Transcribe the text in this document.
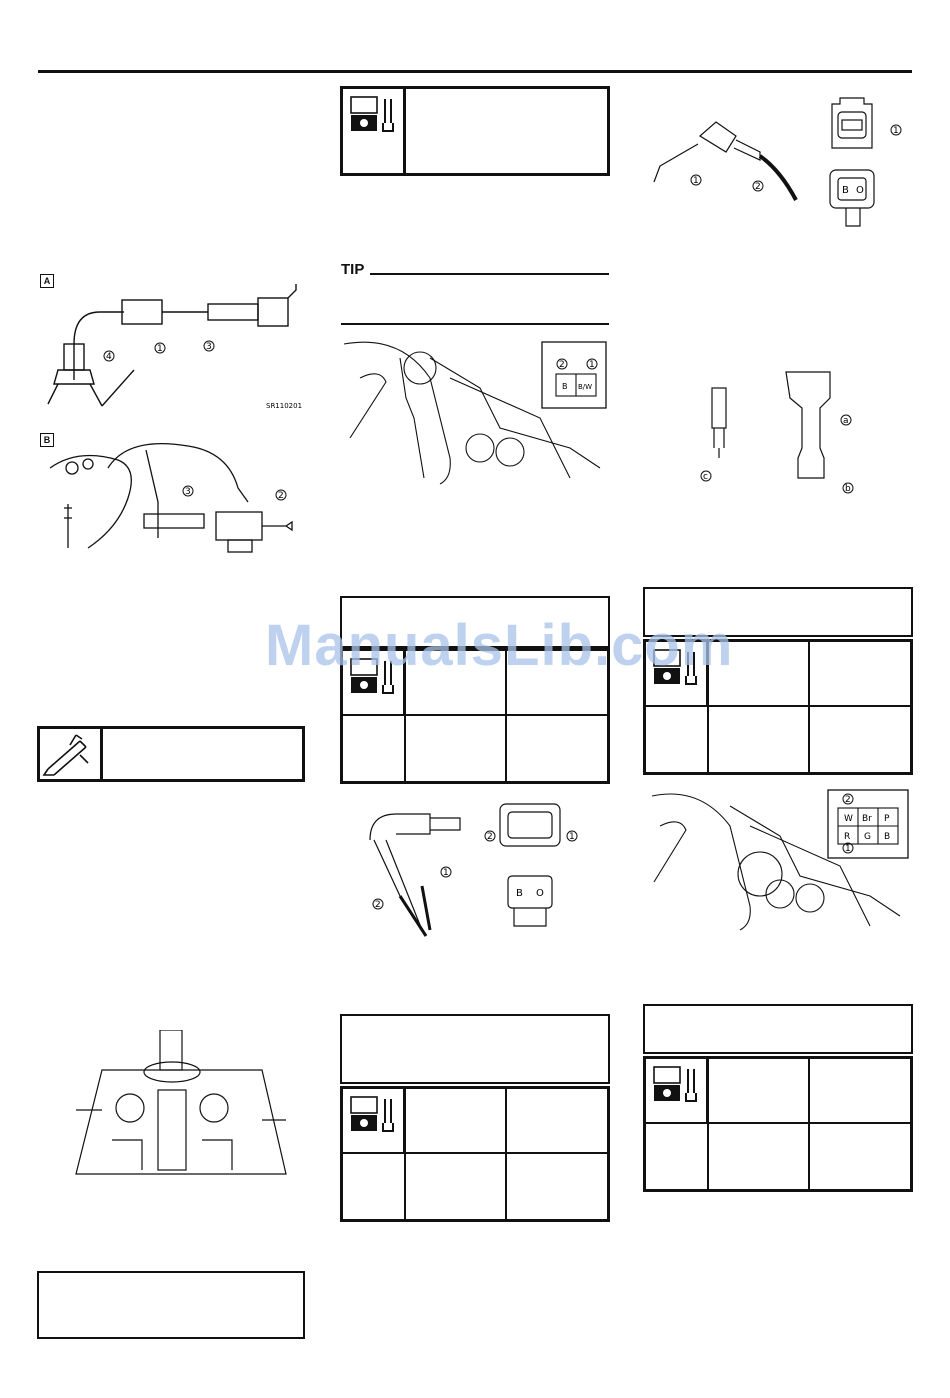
A
1	3
4
SR110201
B
3	2
TIP
2	1
B B/W
2
1
2	1
B O
1
2
1
B O
a
b
c
2
1
W Br P
R G B
ManualsLib.com
